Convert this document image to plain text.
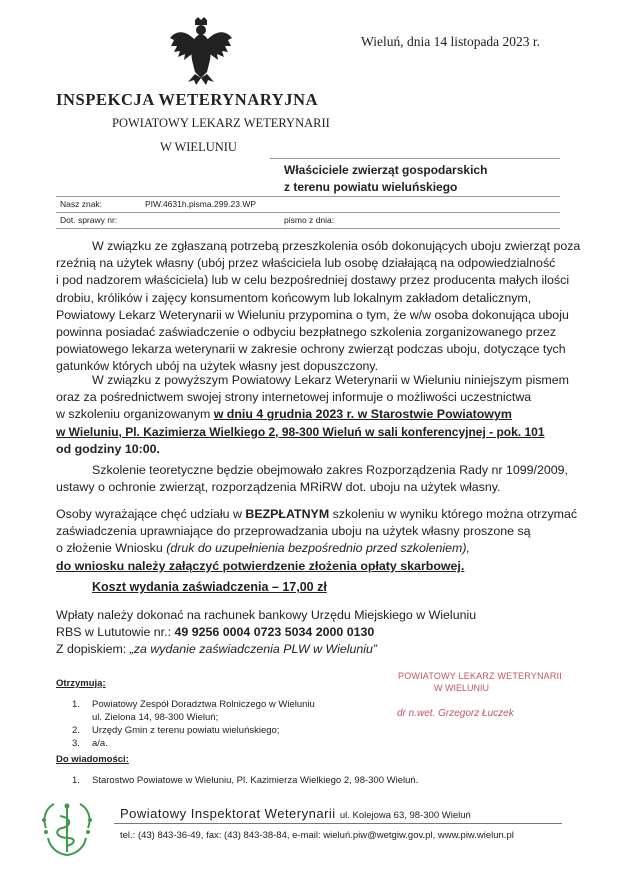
Wieluń, dnia 14 listopada 2023 r.
INSPEKCJA WETERYNARYJNA
POWIATOWY LEKARZ WETERYNARII
W WIELUNIU
Właściciele zwierząt gospodarskich
z terenu powiatu wieluńskiego
Nasz znak:	PIW.4631h.pisma.299.23.WP
Dot. sprawy nr:	pismo z dnia:
W związku ze zgłaszaną potrzebą przeszkolenia osób dokonujących uboju zwierząt poza
rzeźnią na użytek własny (ubój przez właściciela lub osobę działającą na odpowiedzialność
i pod nadzorem właściciela) lub w celu bezpośredniej dostawy przez producenta małych ilości
drobiu, królików i zajęcy konsumentom końcowym lub lokalnym zakładom detalicznym,
Powiatowy Lekarz Weterynarii w Wieluniu przypomina o tym, że w/w osoba dokonująca uboju
powinna posiadać zaświadczenie o odbyciu bezpłatnego szkolenia zorganizowanego przez
powiatowego lekarza weterynarii w zakresie ochrony zwierząt podczas uboju, dotyczące tych
gatunków których ubój na użytek własny jest dopuszczony.
W związku z powyższym Powiatowy Lekarz Weterynarii w Wieluniu niniejszym pismem
oraz za pośrednictwem swojej strony internetowej informuje o możliwości uczestnictwa
w szkoleniu organizowanym w dniu 4 grudnia 2023 r. w Starostwie Powiatowym
w Wieluniu, Pl. Kazimierza Wielkiego 2, 98-300 Wieluń w sali konferencyjnej - pok. 101
od godziny 10:00.
Szkolenie teoretyczne będzie obejmowało zakres Rozporządzenia Rady nr 1099/2009,
ustawy o ochronie zwierząt, rozporządzenia MRiRW dot. uboju na użytek własny.
Osoby wyrażające chęć udziału w BEZPŁATNYM szkoleniu w wyniku którego można otrzymać
zaświadczenia uprawniające do przeprowadzania uboju na użytek własny proszone są
o złożenie Wniosku (druk do uzupełnienia bezpośrednio przed szkoleniem),
do wniosku należy załączyć potwierdzenie złożenia opłaty skarbowej.
Koszt wydania zaświadczenia – 17,00 zł
Wpłaty należy dokonać na rachunek bankowy Urzędu Miejskiego w Wieluniu
RBS w Lututowie nr.: 49 9256 0004 0723 5034 2000 0130
Z dopiskiem: „za wydanie zaświadczenia PLW w Wieluniu”
POWIATOWY LEKARZ WETERYNARII
W WIELUNIU
dr n.wet. Grzegorz Łuczek
Otrzymują:
1. Powiatowy Zespół Doradztwa Rolniczego w Wieluniu
ul. Zielona 14, 98-300 Wieluń;
2. Urzędy Gmin z terenu powiatu wieluńskiego;
3. a/a.
Do wiadomości:
1. Starostwo Powiatowe w Wieluniu, Pl. Kazimierza Wielkiego 2, 98-300 Wieluń.
Powiatowy Inspektorat Weterynarii ul. Kolejowa 63, 98-300 Wieluń
tel.: (43) 843-36-49, fax: (43) 843-38-84, e-mail: wieluń.piw@wetgiw.gov.pl, www.piw.wielun.pl
